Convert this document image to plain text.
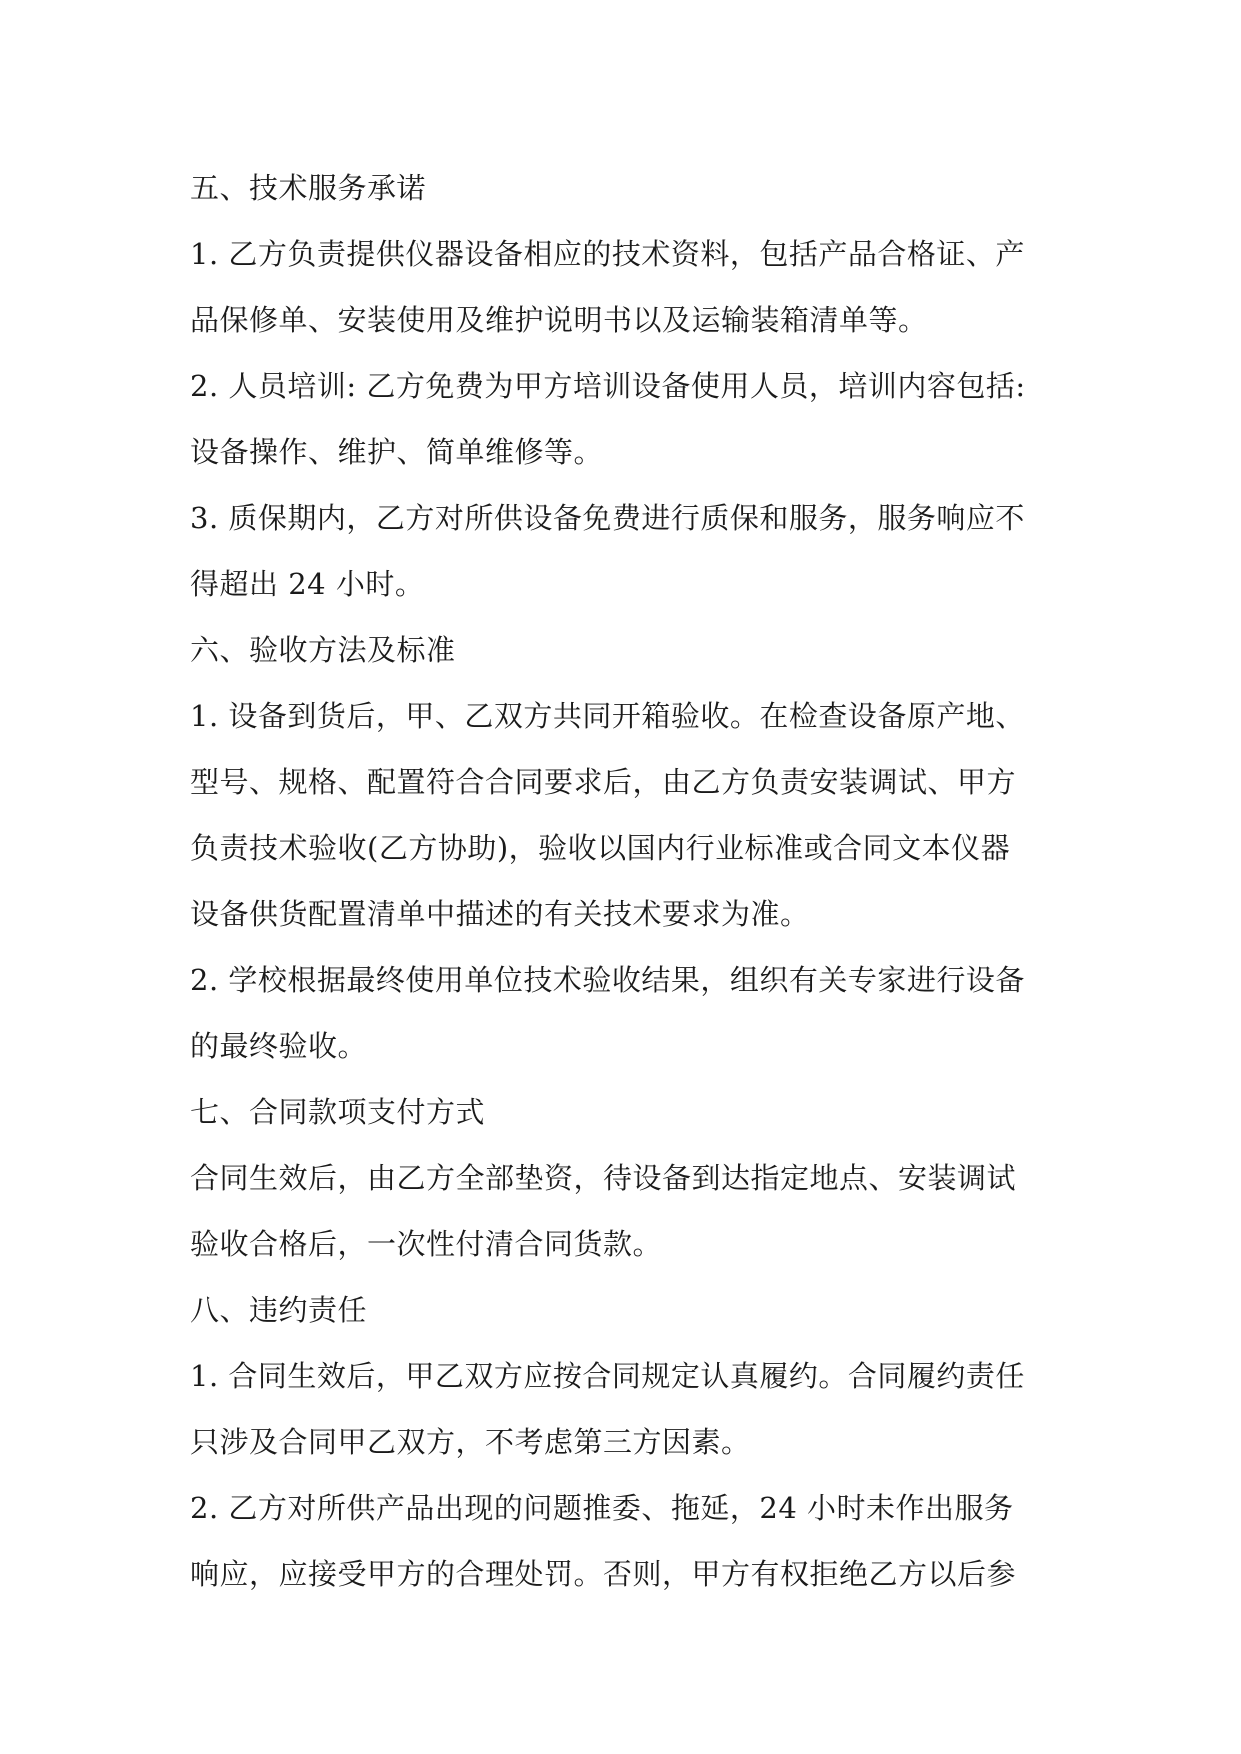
五、技术服务承诺
1. 乙方负责提供仪器设备相应的技术资料，包括产品合格证、产
品保修单、安装使用及维护说明书以及运输装箱清单等。
2. 人员培训: 乙方免费为甲方培训设备使用人员，培训内容包括:
设备操作、维护、简单维修等。
3. 质保期内，乙方对所供设备免费进行质保和服务，服务响应不
得超出 24 小时。
六、验收方法及标准
1. 设备到货后，甲、乙双方共同开箱验收。在检查设备原产地、
型号、规格、配置符合合同要求后，由乙方负责安装调试、甲方
负责技术验收(乙方协助)，验收以国内行业标准或合同文本仪器
设备供货配置清单中描述的有关技术要求为准。
2. 学校根据最终使用单位技术验收结果，组织有关专家进行设备
的最终验收。
七、合同款项支付方式
合同生效后，由乙方全部垫资，待设备到达指定地点、安装调试
验收合格后，一次性付清合同货款。
八、违约责任
1. 合同生效后，甲乙双方应按合同规定认真履约。合同履约责任
只涉及合同甲乙双方，不考虑第三方因素。
2. 乙方对所供产品出现的问题推委、拖延，24 小时未作出服务
响应，应接受甲方的合理处罚。否则，甲方有权拒绝乙方以后参
